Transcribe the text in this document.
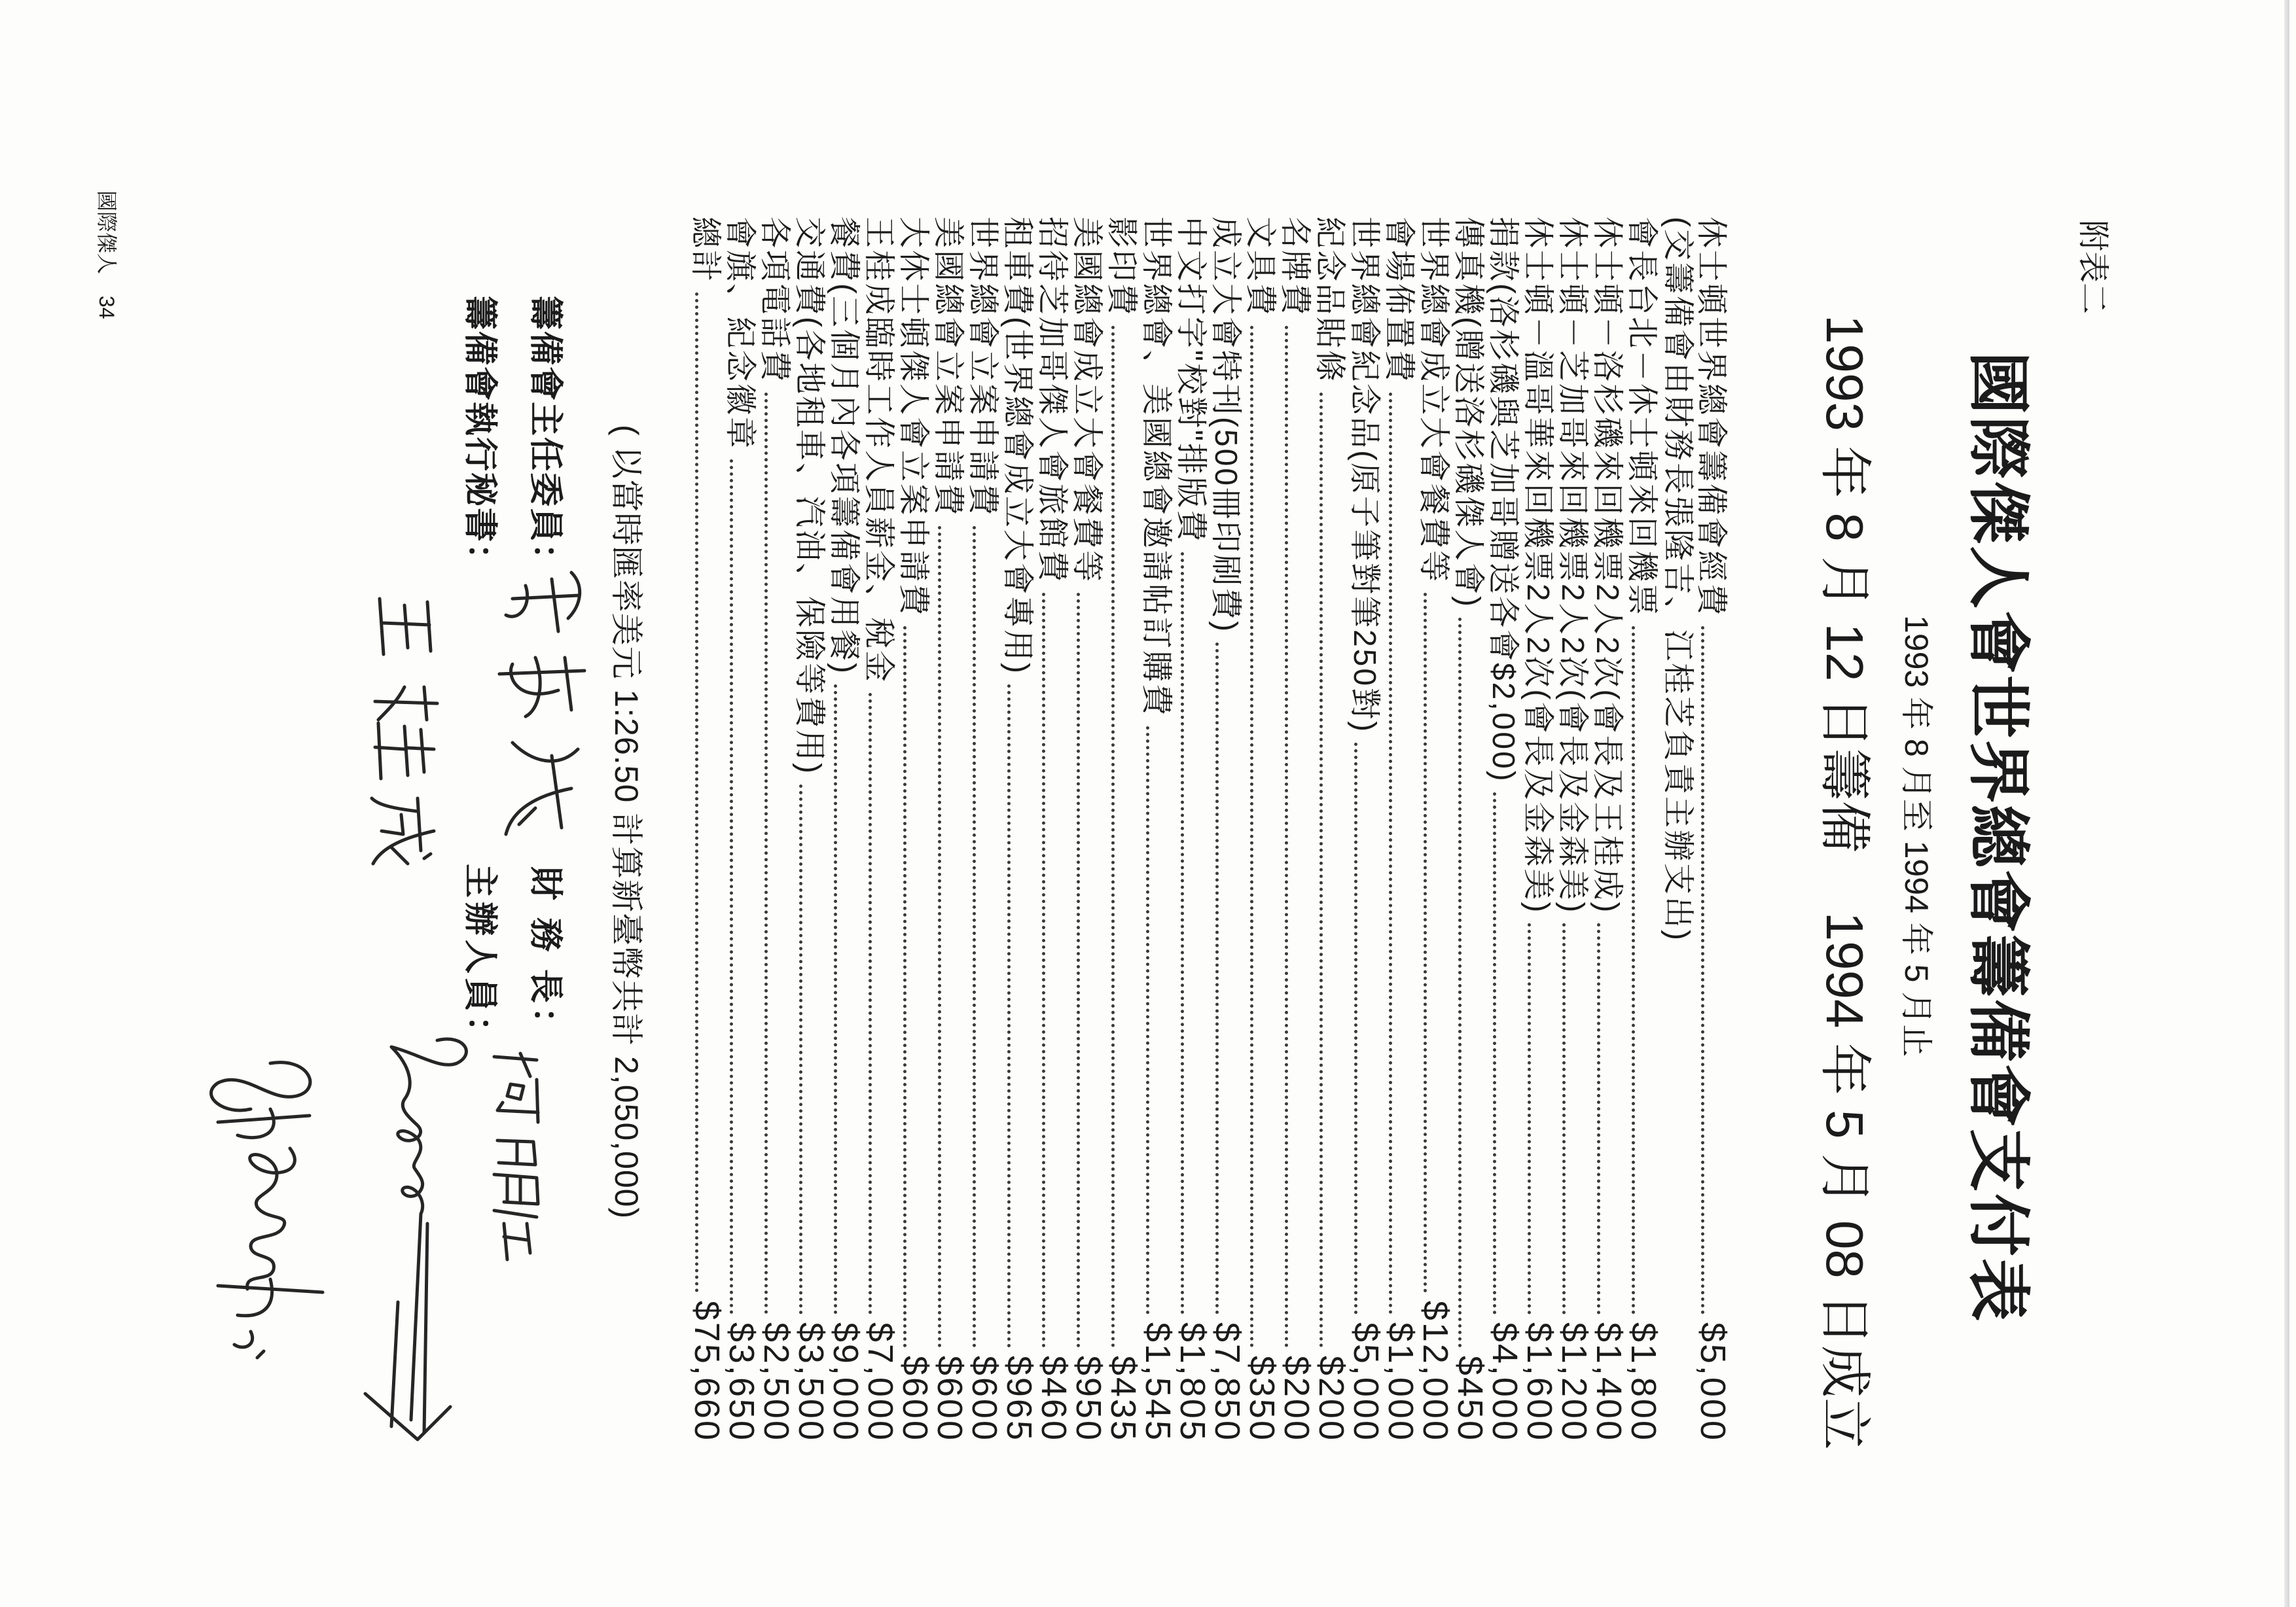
附表二
國際傑人會世界總會籌備會支付表
1993 年 8 月至 1994 年 5 月止
1993 年 8 月 12 日籌備1994 年 5 月 08 日成立
休士頓世界總會籌備會經費
$5,000
(交籌備會由財務長張隆吉、江桂芝負責主辦支出)
會長台北－休士頓來回機票
$1,800
休士頓－洛杉磯來回機票2人2次(會長及王桂成)
$1,400
休士頓－芝加哥來回機票2人2次(會長及金森美)
$1,200
休士頓－溫哥華來回機票2人2次(會長及金森美)
$1,600
捐款(洛杉磯與芝加哥贈送各會$2,000)
$4,000
傳真機(贈送洛杉磯傑人會)
$450
世界總會成立大會餐費等
$12,000
會場佈置費
$1,000
世界總會紀念品(原子筆對筆250對)
$5,000
紀念品貼條
$200
名牌費
$200
文具費
$350
成立大會特刊(500冊印刷費)
$7,850
中文打字"校對"排版費
$1,805
世界總會、美國總會邀請帖訂購費
$1,545
影印費
$435
美國總會成立大會餐費等
$950
招待芝加哥傑人會旅館費
$460
租車費(世界總會成立大會專用)
$965
世界總會立案申請費
$600
美國總會立案申請費
$600
大休士頓傑人會立案申請費
$600
王桂成臨時工作人員薪金、稅金
$7,000
餐費(三個月內各項籌備會用餐)
$9,000
交通費(各地租車、汽油、保險等費用)
$3,500
各項電話費
$2,500
會旗、紀念徽章
$3,650
總計
$75,660
( 以當時匯率美元 1:26.50 計算新臺幣共計 2,050,000)
籌備會主任委員：
財 務 長：
籌備會執行秘書：
主辦人員：
國際傑人 34
